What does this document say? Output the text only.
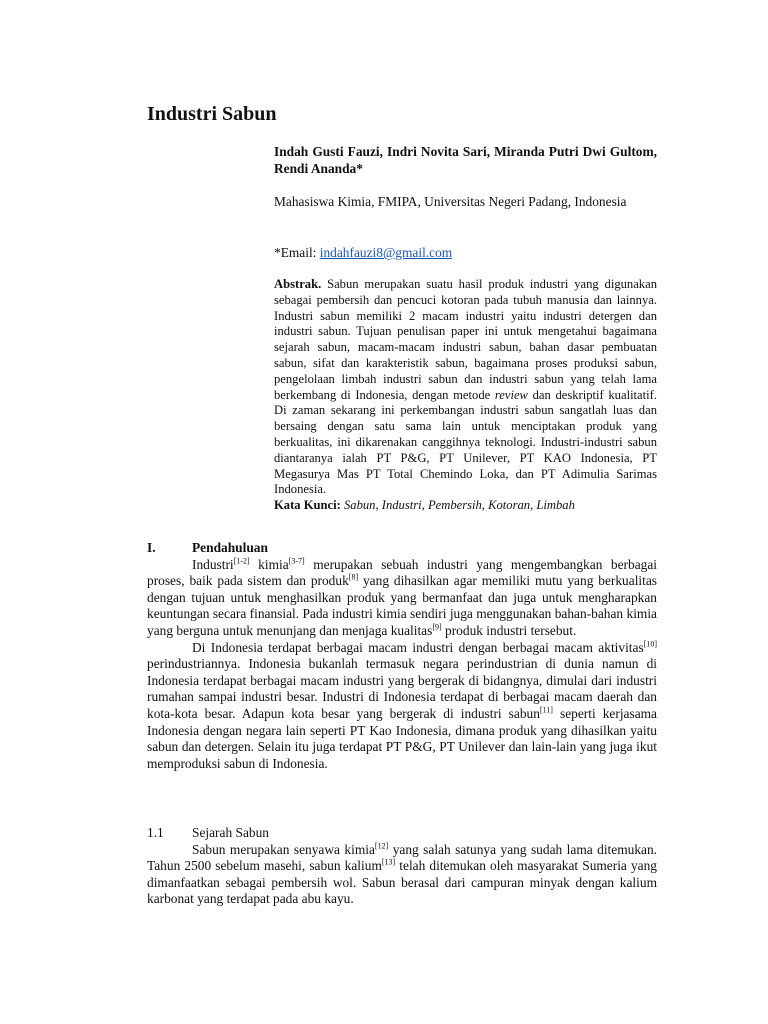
Industri Sabun
Indah Gusti Fauzi, Indri Novita Sari, Miranda Putri Dwi Gultom, Rendi Ananda*
Mahasiswa Kimia, FMIPA, Universitas Negeri Padang, Indonesia
*Email: indahfauzi8@gmail.com
Abstrak. Sabun merupakan suatu hasil produk industri yang digunakan sebagai pembersih dan pencuci kotoran pada tubuh manusia dan lainnya. Industri sabun memiliki 2 macam industri yaitu industri detergen dan industri sabun. Tujuan penulisan paper ini untuk mengetahui bagaimana sejarah sabun, macam-macam industri sabun, bahan dasar pembuatan sabun, sifat dan karakteristik sabun, bagaimana proses produksi sabun, pengelolaan limbah industri sabun dan industri sabun yang telah lama berkembang di Indonesia, dengan metode review dan deskriptif kualitatif. Di zaman sekarang ini perkembangan industri sabun sangatlah luas dan bersaing dengan satu sama lain untuk menciptakan produk yang berkualitas, ini dikarenakan canggihnya teknologi. Industri-industri sabun diantaranya ialah PT P&G, PT Unilever, PT KAO Indonesia, PT Megasurya Mas PT Total Chemindo Loka, dan PT Adimulia Sarimas Indonesia.
Kata Kunci: Sabun, Industri, Pembersih, Kotoran, Limbah
I.	Pendahuluan

Industri[1-2] kimia[3-7] merupakan sebuah industri yang mengembangkan berbagai proses, baik pada sistem dan produk[8] yang dihasilkan agar memiliki mutu yang berkualitas dengan tujuan untuk menghasilkan produk yang bermanfaat dan juga untuk mengharapkan keuntungan secara finansial. Pada industri kimia sendiri juga menggunakan bahan-bahan kimia yang berguna untuk menunjang dan menjaga kualitas[9] produk industri tersebut.

Di Indonesia terdapat berbagai macam industri dengan berbagai macam aktivitas[10] perindustriannya. Indonesia bukanlah termasuk negara perindustrian di dunia namun di Indonesia terdapat berbagai macam industri yang bergerak di bidangnya, dimulai dari industri rumahan sampai industri besar. Industri di Indonesia terdapat di berbagai macam daerah dan kota-kota besar. Adapun kota besar yang bergerak di industri sabun[11] seperti kerjasama Indonesia dengan negara lain seperti PT Kao Indonesia, dimana produk yang dihasilkan yaitu sabun dan detergen. Selain itu juga terdapat PT P&G, PT Unilever dan lain-lain yang juga ikut memproduksi sabun di Indonesia.

1.1 Sejarah Sabun

Sabun merupakan senyawa kimia[12] yang salah satunya yang sudah lama ditemukan. Tahun 2500 sebelum masehi, sabun kalium[13] telah ditemukan oleh masyarakat Sumeria yang dimanfaatkan sebagai pembersih wol. Sabun berasal dari campuran minyak dengan kalium karbonat yang terdapat pada abu kayu.
